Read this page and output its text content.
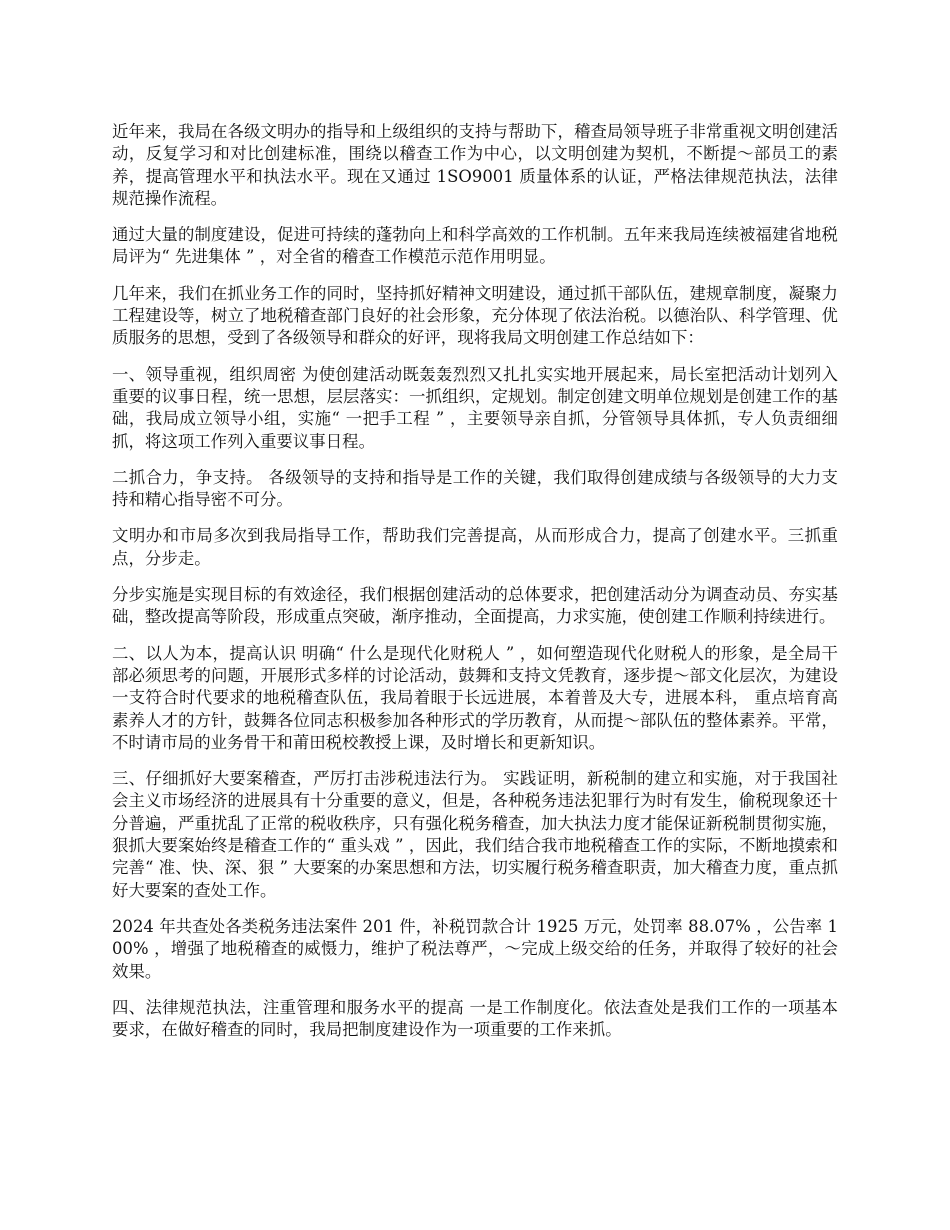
近年来，我局在各级文明办的指导和上级组织的支持与帮助下，稽查局领导班子非常重视文明创建活动，反复学习和对比创建标准，围绕以稽查工作为中心，以文明创建为契机，不断提～部员工的素养，提高管理水平和执法水平。现在又通过 1SO9001 质量体系的认证，严格法律规范执法，法律规范操作流程。

通过大量的制度建设，促进可持续的蓬勃向上和科学高效的工作机制。五年来我局连续被福建省地税局评为“ 先进集体 ” ，对全省的稽查工作模范示范作用明显。

几年来，我们在抓业务工作的同时，坚持抓好精神文明建设，通过抓干部队伍，建规章制度，凝聚力工程建设等，树立了地税稽查部门良好的社会形象，充分体现了依法治税。以德治队、科学管理、优质服务的思想，受到了各级领导和群众的好评，现将我局文明创建工作总结如下：

一、领导重视，组织周密 为使创建活动既轰轰烈烈又扎扎实实地开展起来，局长室把活动计划列入重要的议事日程，统一思想，层层落实：一抓组织，定规划。制定创建文明单位规划是创建工作的基础，我局成立领导小组，实施“ 一把手工程 ” ，主要领导亲自抓，分管领导具体抓，专人负责细细抓，将这项工作列入重要议事日程。

二抓合力，争支持。 各级领导的支持和指导是工作的关键，我们取得创建成绩与各级领导的大力支持和精心指导密不可分。

文明办和市局多次到我局指导工作，帮助我们完善提高，从而形成合力，提高了创建水平。三抓重点，分步走。

分步实施是实现目标的有效途径，我们根据创建活动的总体要求，把创建活动分为调查动员、夯实基础，整改提高等阶段，形成重点突破，渐序推动，全面提高，力求实施，使创建工作顺利持续进行。

二、以人为本，提高认识 明确“ 什么是现代化财税人 ” ，如何塑造现代化财税人的形象，是全局干部必须思考的问题，开展形式多样的讨论活动，鼓舞和支持文凭教育，逐步提～部文化层次，为建设一支符合时代要求的地税稽查队伍，我局着眼于长远进展，本着普及大专，进展本科， 重点培育高素养人才的方针，鼓舞各位同志积极参加各种形式的学历教育，从而提～部队伍的整体素养。平常，不时请市局的业务骨干和莆田税校教授上课，及时增长和更新知识。

三、仔细抓好大要案稽查，严厉打击涉税违法行为。 实践证明，新税制的建立和实施，对于我国社会主义市场经济的进展具有十分重要的意义，但是，各种税务违法犯罪行为时有发生，偷税现象还十分普遍，严重扰乱了正常的税收秩序，只有强化税务稽查，加大执法力度才能保证新税制贯彻实施，狠抓大要案始终是稽查工作的“ 重头戏 ” ，因此，我们结合我市地税稽查工作的实际，不断地摸索和完善“ 准、快、深、狠 ” 大要案的办案思想和方法，切实履行税务稽查职责，加大稽查力度，重点抓好大要案的查处工作。

2024 年共查处各类税务违法案件 201 件，补税罚款合计 1925 万元，处罚率 88.07% ，公告率 100% ，增强了地税稽查的威慑力，维护了税法尊严，～完成上级交给的任务，并取得了较好的社会效果。

四、法律规范执法，注重管理和服务水平的提高 一是工作制度化。依法查处是我们工作的一项基本要求，在做好稽查的同时，我局把制度建设作为一项重要的工作来抓。
